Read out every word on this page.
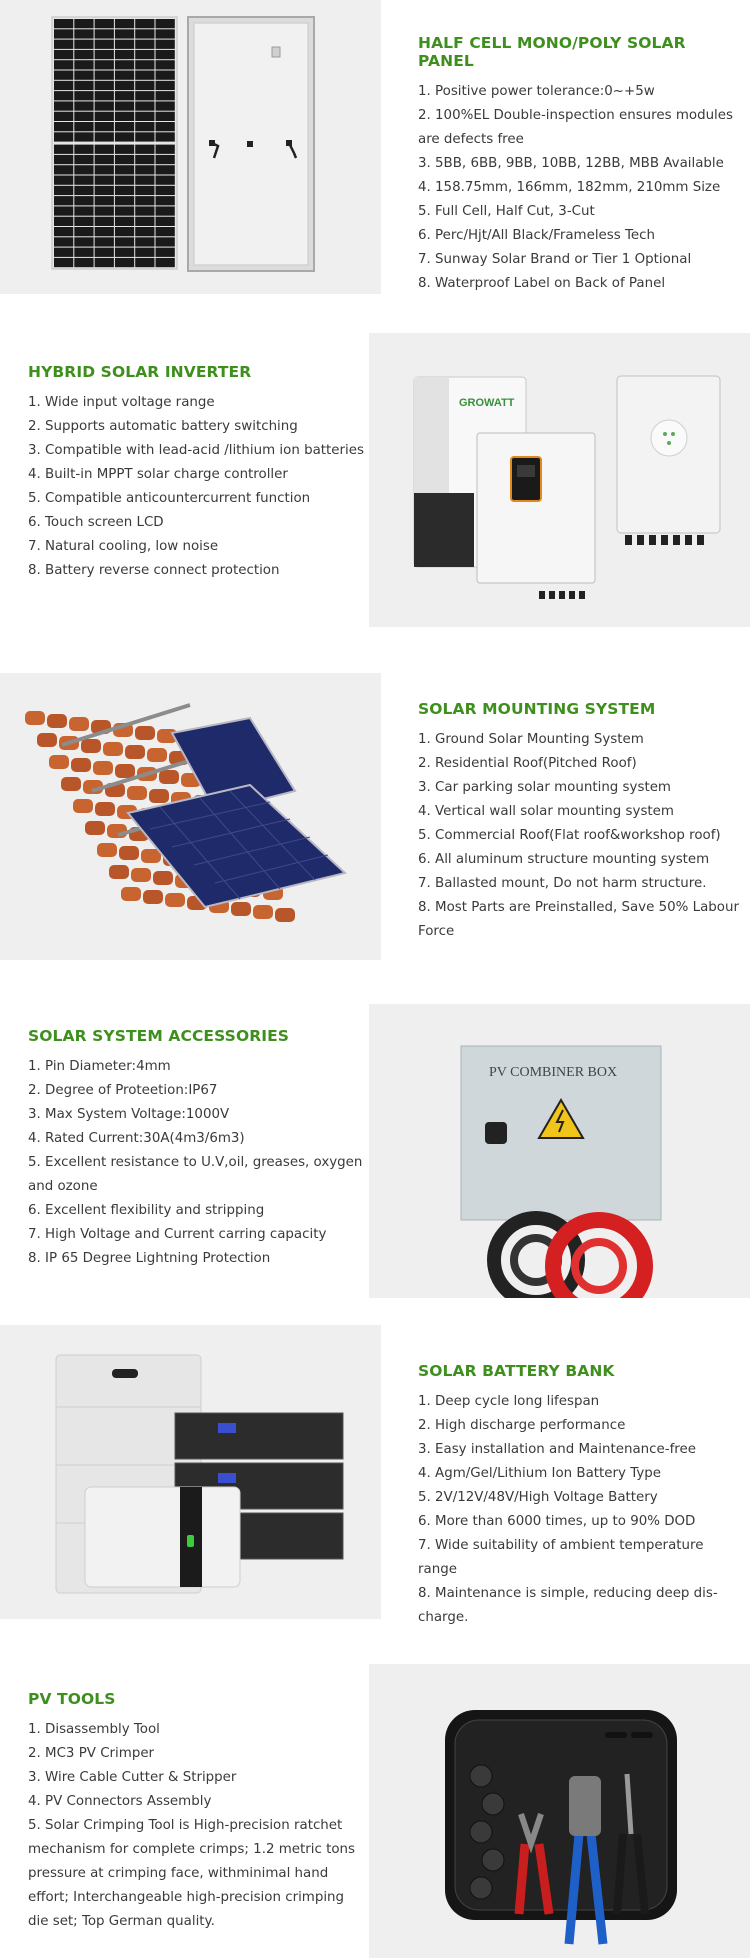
HALF CELL MONO/POLY SOLAR PANEL
1. Positive power tolerance:0~+5w
2. 100%EL Double-inspection ensures modules are defects free
3. 5BB, 6BB, 9BB, 10BB, 12BB, MBB Available
4. 158.75mm, 166mm, 182mm, 210mm Size
5. Full Cell, Half Cut, 3-Cut
6. Perc/Hjt/All Black/Frameless Tech
7. Sunway Solar Brand or Tier 1 Optional
8. Waterproof Label on Back of Panel
HYBRID SOLAR INVERTER
1. Wide input voltage range
2. Supports automatic battery switching
3. Compatible with lead-acid /lithium ion batteries
4. Built-in MPPT solar charge controller
5. Compatible anticountercurrent function
6. Touch screen LCD
7. Natural cooling, low noise
8. Battery reverse connect protection
GROWATT
SOLAR MOUNTING SYSTEM
1. Ground Solar Mounting System
2. Residential Roof(Pitched Roof)
3. Car parking solar mounting system
4. Vertical wall solar mounting system
5. Commercial Roof(Flat roof&workshop roof)
6. All aluminum structure mounting system
7. Ballasted mount, Do not harm structure.
8. Most Parts are Preinstalled, Save 50% Labour Force
SOLAR SYSTEM ACCESSORIES
1. Pin Diameter:4mm
2. Degree of Proteetion:IP67
3. Max System Voltage:1000V
4. Rated Current:30A(4m3/6m3)
5. Excellent resistance to U.V,oil, greases, oxygen and ozone
6. Excellent flexibility and stripping
7. High Voltage and Current carring capacity
8. IP 65 Degree Lightning Protection
PV COMBINER BOX
SOLAR BATTERY BANK
1. Deep cycle long lifespan
2. High discharge performance
3. Easy installation and Maintenance-free
4. Agm/Gel/Lithium Ion Battery Type
5. 2V/12V/48V/High Voltage Battery
6. More than 6000 times, up to 90% DOD
7. Wide suitability of ambient temperature range
8. Maintenance is simple, reducing deep dis-charge.
PV TOOLS
1. Disassembly Tool
2. MC3 PV Crimper
3. Wire Cable Cutter & Stripper
4. PV Connectors Assembly
5. Solar Crimping Tool is High-precision ratchet mechanism for complete crimps; 1.2 metric tons pressure at crimping face, withminimal hand effort; Interchangeable high-precision crimping die set; Top German quality.
